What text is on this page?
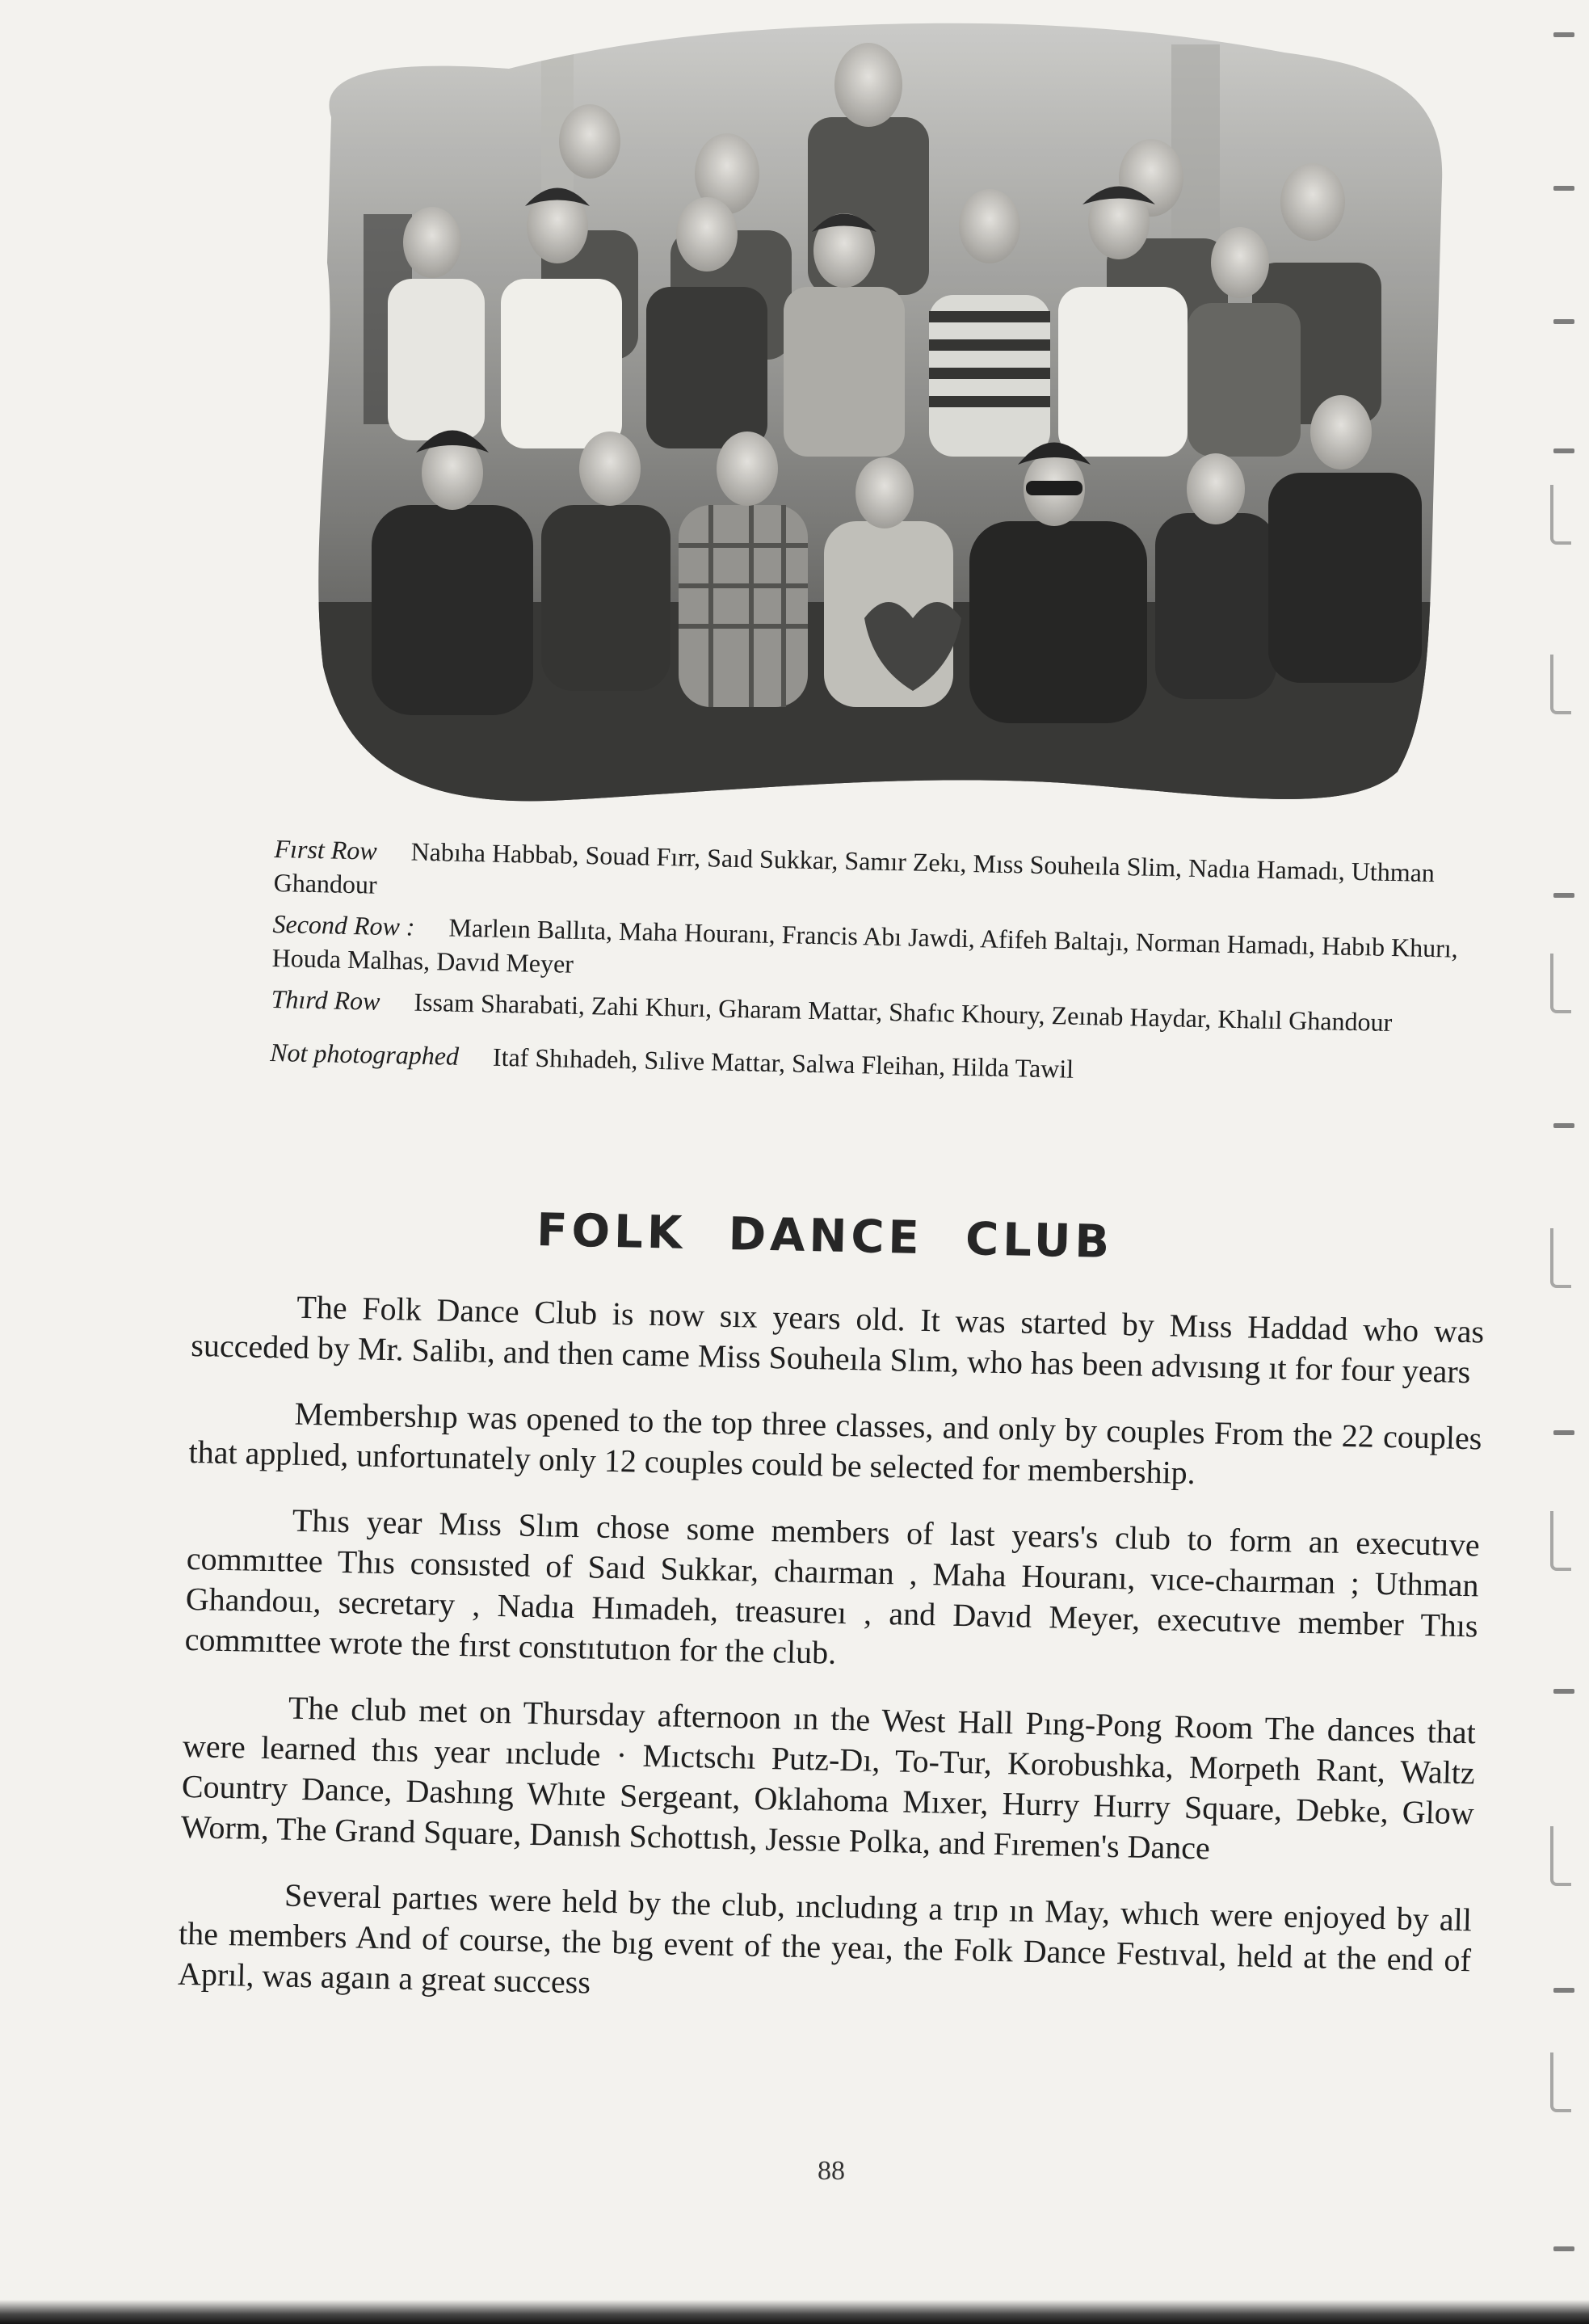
Fırst Row Nabıha Habbab, Souad Fırr, Saıd Sukkar, Samır Zekı, Mıss Souheıla Slim, Nadıa Hamadı, Uthman Ghandour
Second Row : Marleın Ballıta, Maha Houranı, Francis Abı Jawdi, Afifeh Baltajı, Norman Hamadı, Habıb Khurı, Houda Malhas, Davıd Meyer
Thırd Row Issam Sharabati, Zahi Khurı, Gharam Mattar, Shafıc Khoury, Zeınab Haydar, Khalıl Ghandour
Not photographed Itaf Shıhadeh, Sılive Mattar, Salwa Fleihan, Hilda Tawil
FOLK DANCE CLUB

The Folk Dance Club is now sıx years old. It was started by Mıss Haddad who was succeded by Mr. Salibı, and then came Miss Souheıla Slım, who has been advısıng ıt for four years

Membershıp was opened to the top three classes, and only by couples From the 22 couples that applıed, unfortunately only 12 couples could be selected for membership.

Thıs year Mıss Slım chose some members of last years's club to form an executıve commıttee Thıs consısted of Saıd Sukkar, chaırman , Maha Houranı, vıce-chaırman ; Uthman Ghandouı, secretary , Nadıa Hımadeh, treasureı , and Davıd Meyer, executıve member Thıs commıttee wrote the fırst constıtutıon for the club.

The club met on Thursday afternoon ın the West Hall Pıng-Pong Room The dances that were learned thıs year ınclude · Mıctschı Putz-Dı, To-Tur, Korobushka, Morpeth Rant, Waltz Country Dance, Dashıng Whıte Sergeant, Oklahoma Mıxer, Hurry Hurry Square, Debke, Glow Worm, The Grand Square, Danısh Schottısh, Jessıe Polka, and Fıremen's Dance

Several partıes were held by the club, ıncludıng a trıp ın May, whıch were enjoyed by all the members And of course, the bıg event of the yeaı, the Folk Dance Festıval, held at the end of Aprıl, was agaın a great success

88
